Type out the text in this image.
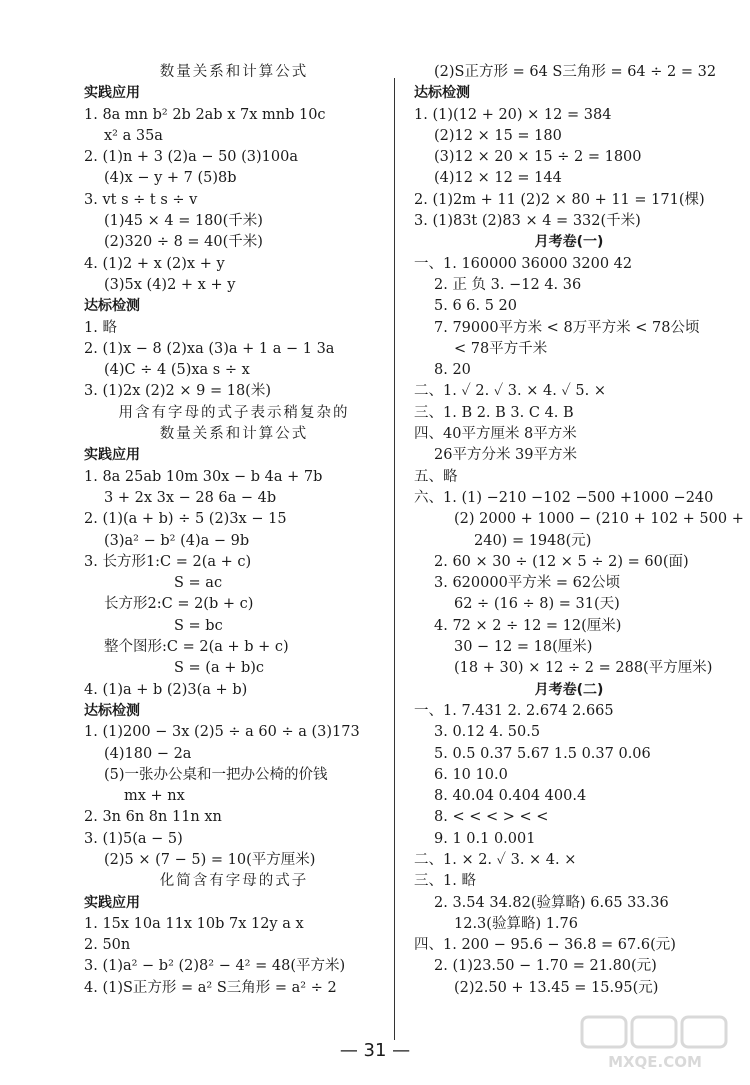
数量关系和计算公式
实践应用
1. 8a mn b² 2b 2ab x 7x mnb 10c
x² a 35a
2. (1)n + 3 (2)a − 50 (3)100a
(4)x − y + 7 (5)8b
3. vt s ÷ t s ÷ v
(1)45 × 4 = 180(千米)
(2)320 ÷ 8 = 40(千米)
4. (1)2 + x (2)x + y
(3)5x (4)2 + x + y
达标检测
1. 略
2. (1)x − 8 (2)xa (3)a + 1 a − 1 3a
(4)C ÷ 4 (5)xa s ÷ x
3. (1)2x (2)2 × 9 = 18(米)
用含有字母的式子表示稍复杂的
数量关系和计算公式
实践应用
1. 8a 25ab 10m 30x − b 4a + 7b
3 + 2x 3x − 28 6a − 4b
2. (1)(a + b) ÷ 5 (2)3x − 15
(3)a² − b² (4)a − 9b
3. 长方形1:C = 2(a + c)
S = ac
长方形2:C = 2(b + c)
S = bc
整个图形:C = 2(a + b + c)
S = (a + b)c
4. (1)a + b (2)3(a + b)
达标检测
1. (1)200 − 3x (2)5 ÷ a 60 ÷ a (3)173
(4)180 − 2a
(5)一张办公桌和一把办公椅的价钱
mx + nx
2. 3n 6n 8n 11n xn
3. (1)5(a − 5)
(2)5 × (7 − 5) = 10(平方厘米)
化简含有字母的式子
实践应用
1. 15x 10a 11x 10b 7x 12y a x
2. 50n
3. (1)a² − b² (2)8² − 4² = 48(平方米)
4. (1)S正方形 = a² S三角形 = a² ÷ 2
(2)S正方形 = 64 S三角形 = 64 ÷ 2 = 32
达标检测
1. (1)(12 + 20) × 12 = 384
(2)12 × 15 = 180
(3)12 × 20 × 15 ÷ 2 = 1800
(4)12 × 12 = 144
2. (1)2m + 11 (2)2 × 80 + 11 = 171(棵)
3. (1)83t (2)83 × 4 = 332(千米)
月考卷(一)
一、1. 160000 36000 3200 42
2. 正 负 3. −12 4. 36
5. 6 6. 5 20
7. 79000平方米 < 8万平方米 < 78公顷
< 78平方千米
8. 20
二、1. ✓ 2. ✓ 3. × 4. ✓ 5. ×
三、1. B 2. B 3. C 4. B
四、40平方厘米 8平方米
26平方分米 39平方米
五、略
六、1. (1) −210 −102 −500 +1000 −240
(2) 2000 + 1000 − (210 + 102 + 500 +
240) = 1948(元)
2. 60 × 30 ÷ (12 × 5 ÷ 2) = 60(面)
3. 620000平方米 = 62公顷
62 ÷ (16 ÷ 8) = 31(天)
4. 72 × 2 ÷ 12 = 12(厘米)
30 − 12 = 18(厘米)
(18 + 30) × 12 ÷ 2 = 288(平方厘米)
月考卷(二)
一、1. 7.431 2. 2.674 2.665
3. 0.12 4. 50.5
5. 0.5 0.37 5.67 1.5 0.37 0.06
6. 10 10.0
8. 40.04 0.404 400.4
8. < < < > < <
9. 1 0.1 0.001
二、1. × 2. ✓ 3. × 4. ×
三、1. 略
2. 3.54 34.82(验算略) 6.65 33.36
12.3(验算略) 1.76
四、1. 200 − 95.6 − 36.8 = 67.6(元)
2. (1)23.50 − 1.70 = 21.80(元)
(2)2.50 + 13.45 = 15.95(元)
— 31 —
MXQE.COM
